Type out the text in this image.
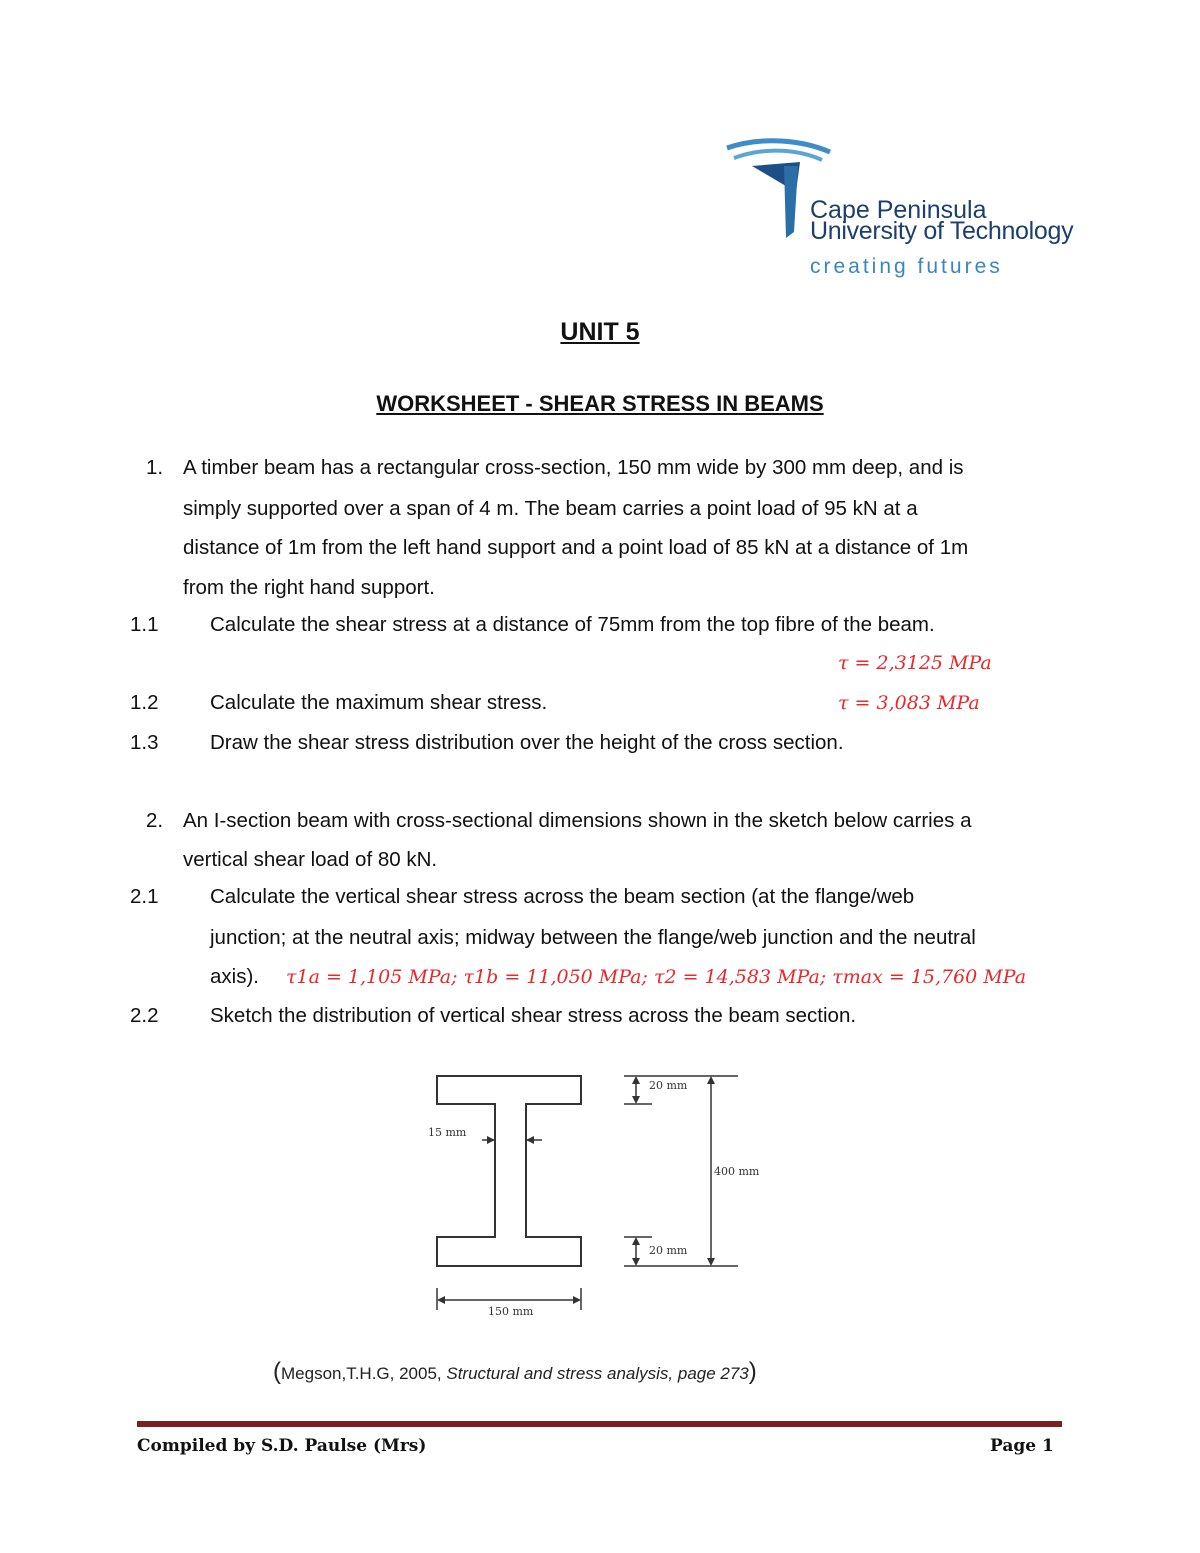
Cape Peninsula
University of Technology
creating futures
UNIT 5
WORKSHEET - SHEAR STRESS IN BEAMS
1. A timber beam has a rectangular cross-section, 150 mm wide by 300 mm deep, and is
simply supported over a span of 4 m. The beam carries a point load of 95 kN at a
distance of 1m from the left hand support and a point load of 85 kN at a distance of 1m
from the right hand support.
1.1	Calculate the shear stress at a distance of 75mm from the top fibre of the beam.
τ = 2,3125 MPa
1.2	Calculate the maximum shear stress.	τ = 3,083 MPa
1.3	Draw the shear stress distribution over the height of the cross section.
2. An I-section beam with cross-sectional dimensions shown in the sketch below carries a
vertical shear load of 80 kN.
2.1	Calculate the vertical shear stress across the beam section (at the flange/web
junction; at the neutral axis; midway between the flange/web junction and the neutral
axis). τ1a = 1,105 MPa; τ1b = 11,050 MPa; τ2 = 14,583 MPa; τmax = 15,760 MPa
2.2	Sketch the distribution of vertical shear stress across the beam section.
15 mm
20 mm
20 mm
400 mm
150 mm
(Megson,T.H.G, 2005, Structural and stress analysis, page 273)
Compiled by S.D. Paulse (Mrs)	Page 1
